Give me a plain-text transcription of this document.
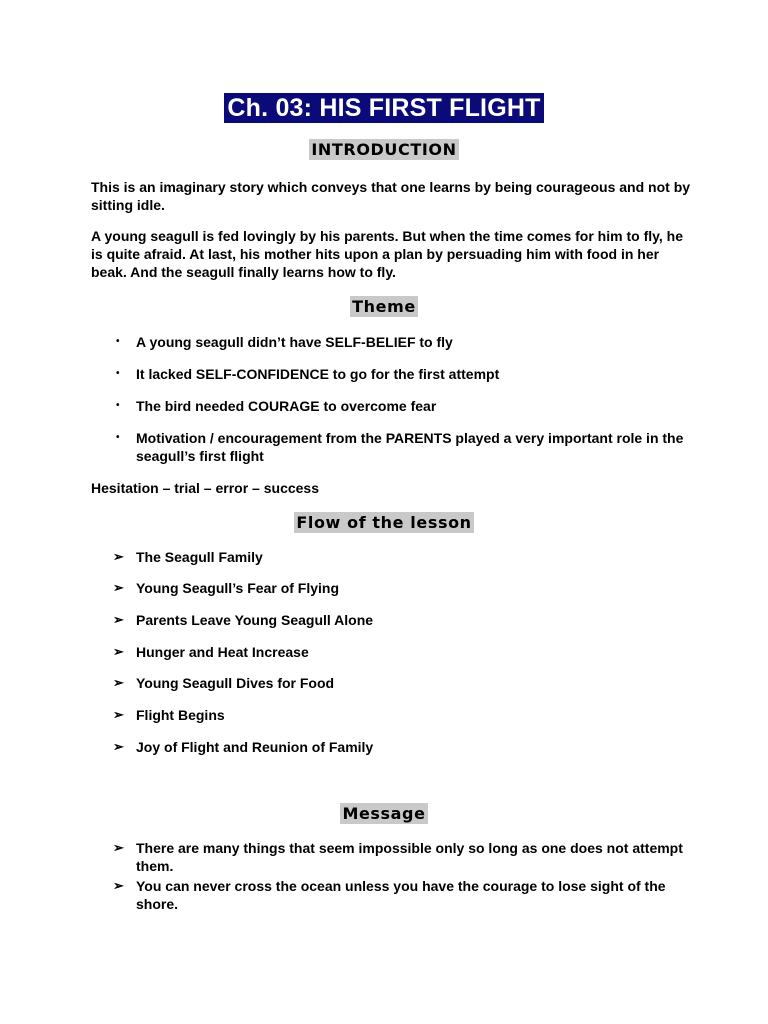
Ch. 03: HIS FIRST FLIGHT
INTRODUCTION

This is an imaginary story which conveys that one learns by being courageous and not by sitting idle.

A young seagull is fed lovingly by his parents. But when the time comes for him to fly, he is quite afraid. At last, his mother hits upon a plan by persuading him with food in her beak. And the seagull finally learns how to fly.

Theme
• A young seagull didn’t have SELF-BELIEF to fly
• It lacked SELF-CONFIDENCE to go for the first attempt
• The bird needed COURAGE to overcome fear
• Motivation / encouragement from the PARENTS played a very important role in the seagull’s first flight

Hesitation – trial – error – success

Flow of the lesson
➢ The Seagull Family
➢ Young Seagull’s Fear of Flying
➢ Parents Leave Young Seagull Alone
➢ Hunger and Heat Increase
➢ Young Seagull Dives for Food
➢ Flight Begins
➢ Joy of Flight and Reunion of Family
Message
➢ There are many things that seem impossible only so long as one does not attempt them.
➢ You can never cross the ocean unless you have the courage to lose sight of the shore.
